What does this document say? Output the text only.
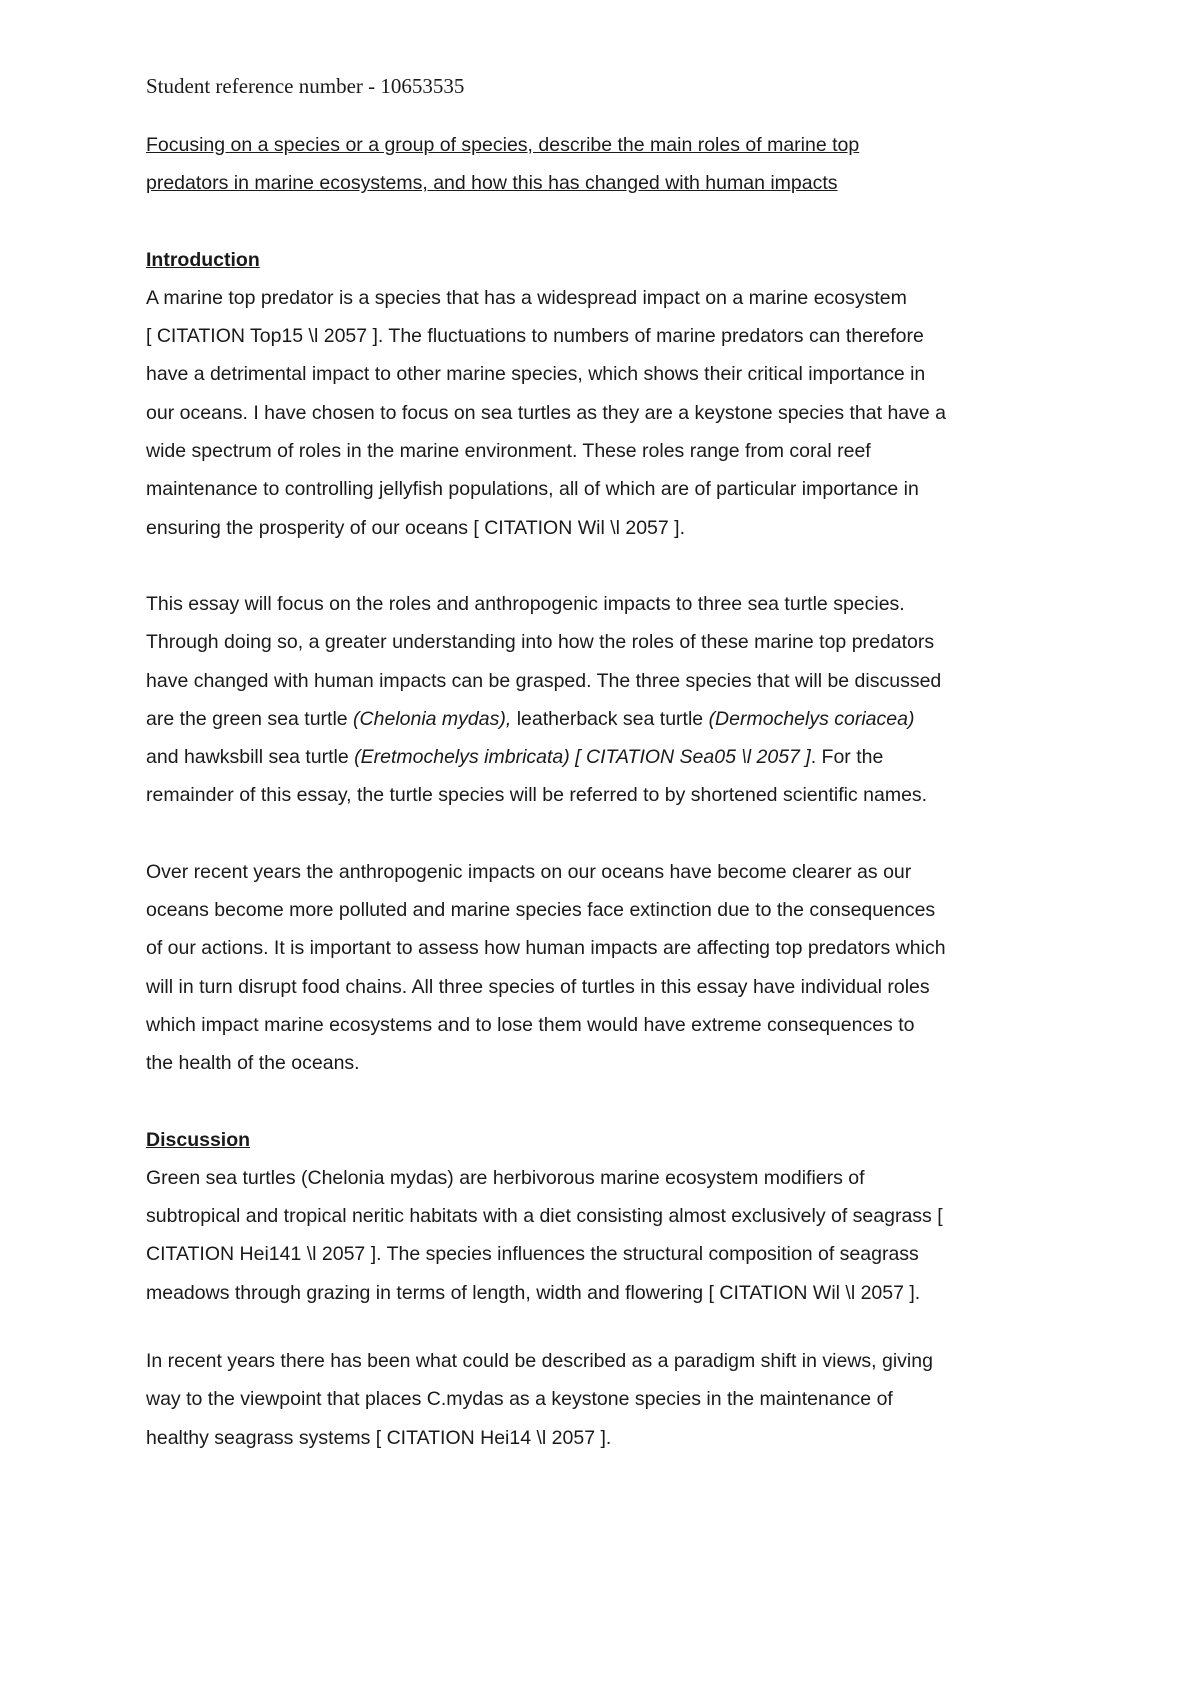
Student reference number - 10653535

Focusing on a species or a group of species, describe the main roles of marine top
predators in marine ecosystems, and how this has changed with human impacts

Introduction

A marine top predator is a species that has a widespread impact on a marine ecosystem
[ CITATION Top15 \l 2057 ]. The fluctuations to numbers of marine predators can therefore
have a detrimental impact to other marine species, which shows their critical importance in
our oceans. I have chosen to focus on sea turtles as they are a keystone species that have a
wide spectrum of roles in the marine environment. These roles range from coral reef
maintenance to controlling jellyfish populations, all of which are of particular importance in
ensuring the prosperity of our oceans [ CITATION Wil \l 2057 ].

This essay will focus on the roles and anthropogenic impacts to three sea turtle species.
Through doing so, a greater understanding into how the roles of these marine top predators
have changed with human impacts can be grasped. The three species that will be discussed
are the green sea turtle (Chelonia mydas), leatherback sea turtle (Dermochelys coriacea)
and hawksbill sea turtle (Eretmochelys imbricata) [ CITATION Sea05 \l 2057 ]. For the
remainder of this essay, the turtle species will be referred to by shortened scientific names.

Over recent years the anthropogenic impacts on our oceans have become clearer as our
oceans become more polluted and marine species face extinction due to the consequences
of our actions. It is important to assess how human impacts are affecting top predators which
will in turn disrupt food chains. All three species of turtles in this essay have individual roles
which impact marine ecosystems and to lose them would have extreme consequences to
the health of the oceans.

Discussion

Green sea turtles (Chelonia mydas) are herbivorous marine ecosystem modifiers of
subtropical and tropical neritic habitats with a diet consisting almost exclusively of seagrass [
CITATION Hei141 \l 2057 ]. The species influences the structural composition of seagrass
meadows through grazing in terms of length, width and flowering [ CITATION Wil \l 2057 ].

In recent years there has been what could be described as a paradigm shift in views, giving
way to the viewpoint that places C.mydas as a keystone species in the maintenance of
healthy seagrass systems [ CITATION Hei14 \l 2057 ].
